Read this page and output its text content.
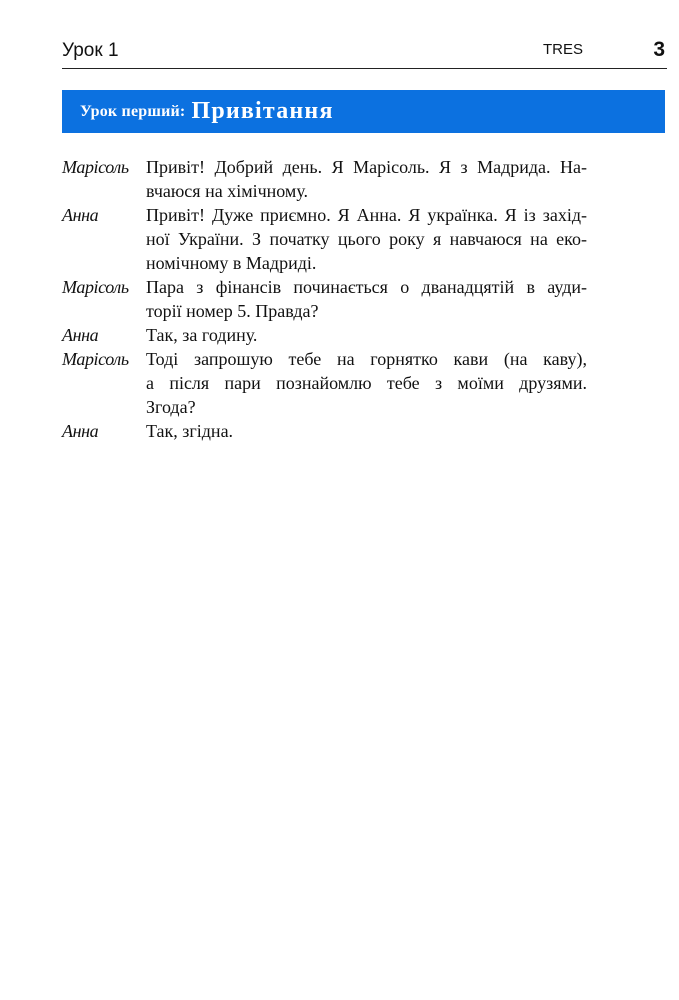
Урок 1	TRES	3
Урок перший: Привітання
Марісоль Привіт! Добрий день. Я Марісоль. Я з Мадрида. На-
вчаюся на хімічному.
Анна	Привіт! Дуже приємно. Я Анна. Я українка. Я із захід-
ної України. З початку цього року я навчаюся на еко-
номічному в Мадриді.
Марісоль Пара з фінансів починається о дванадцятій в ауди-
торії номер 5. Правда?
Анна	Так, за годину.
Марісоль Тоді запрошую тебе на горнятко кави (на каву),
а після пари познайомлю тебе з моїми друзями.
Згода?
Анна	Так, згідна.
